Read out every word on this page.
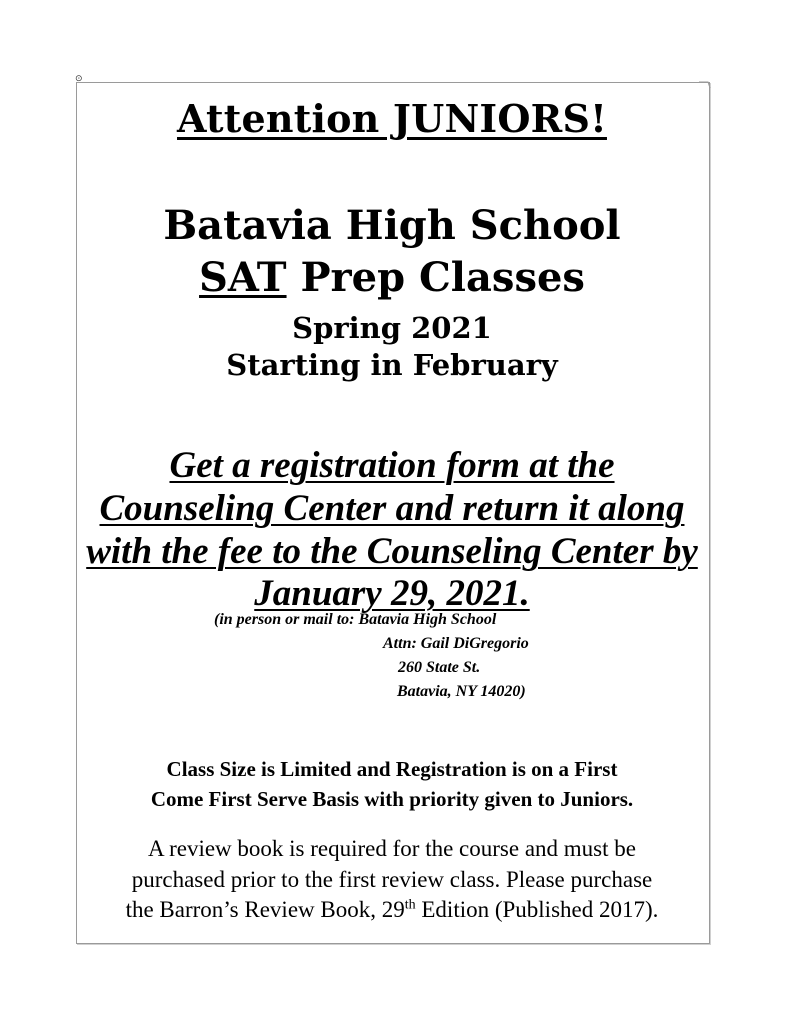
⊙
Attention JUNIORS!
Batavia High School
SAT Prep Classes
Spring 2021
Starting in February
Get a registration form at the
Counseling Center and return it along
with the fee to the Counseling Center by
January 29, 2021.
(in person or mail to: Batavia High School
Attn: Gail DiGregorio
260 State St.
Batavia, NY 14020)
Class Size is Limited and Registration is on a First
Come First Serve Basis with priority given to Juniors.
A review book is required for the course and must be
purchased prior to the first review class. Please purchase
the Barron’s Review Book, 29th Edition (Published 2017).
